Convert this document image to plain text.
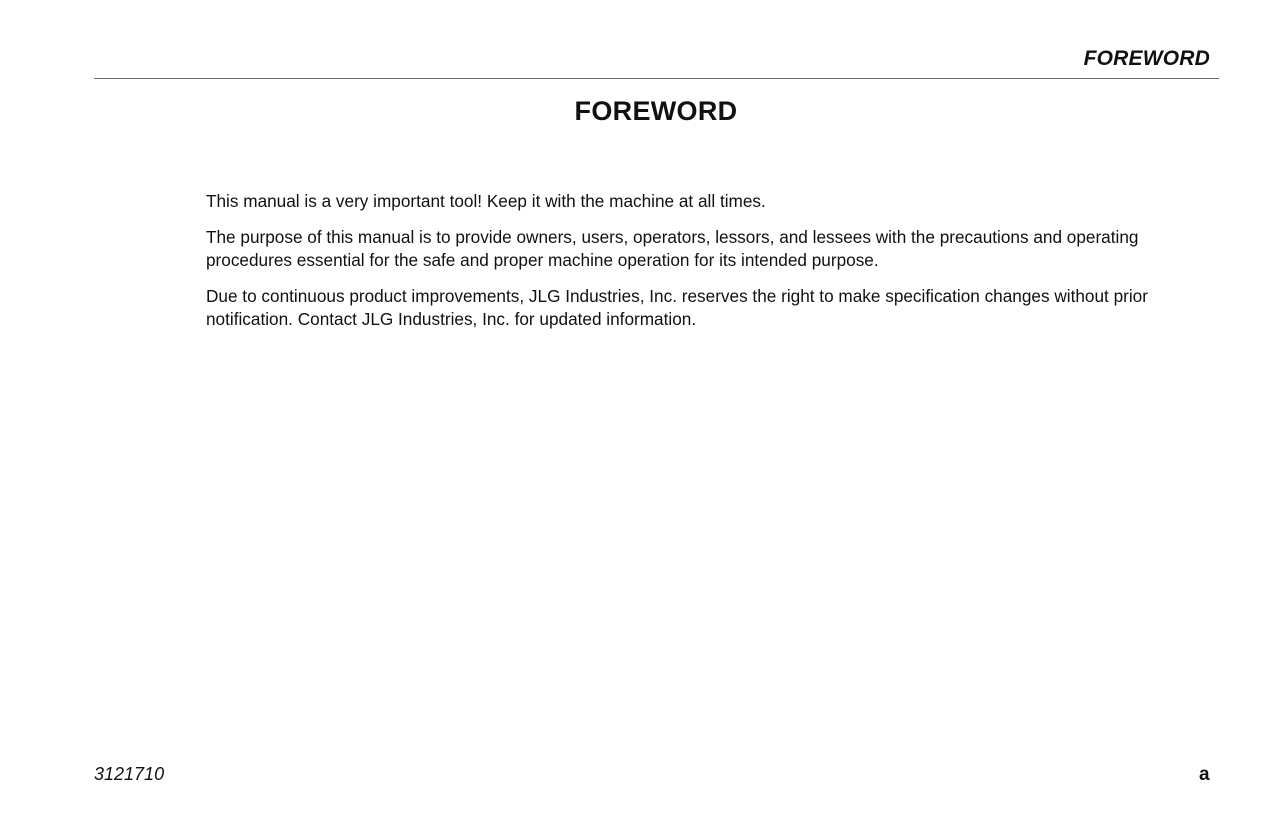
FOREWORD
FOREWORD

This manual is a very important tool! Keep it with the machine at all times.

The purpose of this manual is to provide owners, users, operators, lessors, and lessees with the precautions and operating procedures essential for the safe and proper machine operation for its intended purpose.

Due to continuous product improvements, JLG Industries, Inc. reserves the right to make specification changes without prior notification. Contact JLG Industries, Inc. for updated information.

3121710	a
